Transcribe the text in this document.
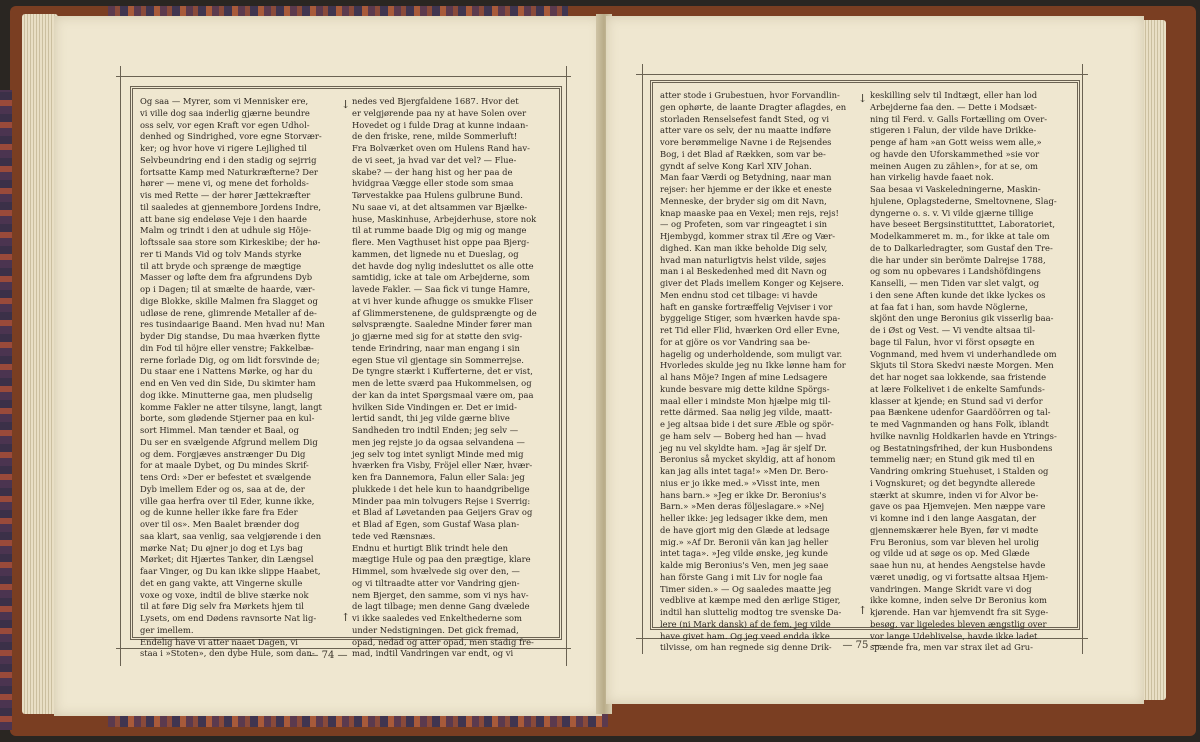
Og saa — Myrer, som vi Mennisker ere,
vi ville dog saa inderlig gjærne beundre
oss selv, vor egen Kraft vor egen Udhol-
denhed og Sindrighed, vore egne Storvær-
ker; og hvor hove vi rigere Lejlighed til
Selvbeundring end i den stadig og sejrrig
fortsatte Kamp med Naturkræfterne? Der
hører — mene vi, og mene det forholds-
vis med Rette — der hører Jættekræfter
til saaledes at gjennembore Jordens Indre,
att bane sig endeløse Veje i den haarde
Malm og trindt i den at udhule sig Höje-
loftssale saa store som Kirkeskibe; der hø-
rer ti Mands Vid og tolv Mands styrke
til att bryde och sprænge de mægtige
Masser og løfte dem fra afgrundens Dyb
op i Dagen; til at smælte de haarde, vær-
dige Blokke, skille Malmen fra Slagget og
udløse de rene, glimrende Metaller af de-
res tusindaarige Baand. Men hvad nu! Man
byder Dig standse, Du maa hværken flytte
din Fod til höjre eller venstre; Fakkelbæ-
rerne forlade Dig, og om lidt forsvinde de;
Du staar ene i Nattens Mørke, og har du
end en Ven ved din Side, Du skimter ham
dog ikke. Minutterne gaa, men pludselig
komme Fakler ne atter tilsyne, langt, langt
borte, som glødende Stjerner paa en kul-
sort Himmel. Man tænder et Baal, og
Du ser en svælgende Afgrund mellem Dig
og dem. Forgjæves anstrænger Du Dig
for at maale Dybet, og Du mindes Skrif-
tens Ord: »Der er befestet et svælgende
Dyb imellem Eder og os, saa at de, der
ville gaa herfra over til Eder, kunne ikke,
og de kunne heller ikke fare fra Eder
over til os». Men Baalet brænder dog
saa klart, saa venlig, saa velgjørende i den
mørke Nat; Du øjner jo dog et Lys bag
Mørket; dit Hjærtes Tanker, din Længsel
faar Vinger, og Du kan ikke slippe Haabet,
det en gang vakte, att Vingerne skulle
voxe og voxe, indtil de blive stærke nok
til at føre Dig selv fra Mørkets hjem til
Lysets, om end Dødens ravnsorte Nat lig-
ger imellem.
Endelig have vi atter naaet Dagen, vi
staa i »Stoten», den dybe Hule, som dan-
↓
↑
nedes ved Bjergfaldene 1687. Hvor det
er velgjørende paa ny at have Solen over
Hovedet og i fulde Drag at kunne indaan-
de den friske, rene, milde Sommerluft!
Fra Bolværket oven om Hulens Rand hav-
de vi seet, ja hvad var det vel? — Flue-
skabe? — der hang hist og her paa de
hvidgraa Vægge eller stode som smaa
Tørvestakke paa Hulens gulbrune Bund.
Nu saae vi, at det altsammen var Bjælke-
huse, Maskinhuse, Arbejderhuse, store nok
til at rumme baade Dig og mig og mange
flere. Men Vagthuset hist oppe paa Bjerg-
kammen, det lignede nu et Dueslag, og
det havde dog nylig indesluttet os alle otte
samtidig, icke at tale om Arbejderne, som
lavede Fakler. — Saa fick vi tunge Hamre,
at vi hver kunde afhugge os smukke Fliser
af Glimmerstenene, de guldsprængte og de
sølvsprængte. Saaledne Minder fører man
jo gjærne med sig for at støtte den svig-
tende Erindring, naar man engang i sin
egen Stue vil gjentage sin Sommerrejse.
De tyngre stærkt i Kufferterne, det er vist,
men de lette sværd paa Hukommelsen, og
der kan da intet Spørgsmaal være om, paa
hvilken Side Vindingen er. Det er imid-
lertid sandt, thi jeg vilde gærne blive
Sandheden tro indtil Enden; jeg selv —
men jeg rejste jo da ogsaa selvandena —
jeg selv tog intet synligt Minde med mig
hværken fra Visby, Fröjel eller Nær, hvær-
ken fra Dannemora, Falun eller Sala: jeg
plukkede i det hele kun to haandgribelige
Minder paa min tolvugers Rejse i Sverrig:
et Blad af Løvetanden paa Geijers Grav og
et Blad af Egen, som Gustaf Wasa plan-
tede ved Rænsnæs.
Endnu et hurtigt Blik trindt hele den
mægtige Hule og paa den prægtige, klare
Himmel, som hvælvede sig over den, —
og vi tiltraadte atter vor Vandring gjen-
nem Bjerget, den samme, som vi nys hav-
de lagt tilbage; men denne Gang dvælede
vi ikke saaledes ved Enkelthederne som
under Nedstigningen. Det gick fremad,
opad, nedad og atter opad, men stadig fre-
mad, indtil Vandringen var endt, og vi
— 74 —
atter stode i Grubestuen, hvor Forvandlin-
gen ophørte, de laante Dragter aflagdes, en
storladen Renselsefest fandt Sted, og vi
atter vare os selv, der nu maatte indføre
vore berømmelige Navne i de Rejsendes
Bog, i det Blad af Rækken, som var be-
gyndt af selve Kong Karl XIV Johan.
Man faar Værdi og Betydning, naar man
rejser: her hjemme er der ikke et eneste
Menneske, der bryder sig om dit Navn,
knap maaske paa en Vexel; men rejs, rejs!
— og Profeten, som var ringeagtet i sin
Hjembygd, kommer strax til Ære og Vær-
dighed. Kan man ikke beholde Dig selv,
hvad man naturligtvis helst vilde, søjes
man i al Beskedenhed med dit Navn og
giver det Plads imellem Konger og Kejsere.
Men endnu stod cet tilbage: vi havde
haft en ganske fortræffelig Vejviser i vor
byggelige Stiger, som hværken havde spa-
ret Tid eller Flid, hværken Ord eller Evne,
for at gjöre os vor Vandring saa be-
hagelig og underholdende, som muligt var.
Hvorledes skulde jeg nu Ikke lønne ham for
al hans Möje? Ingen af mine Ledsagere
kunde besvare mig dette kildne Spörgs-
maal eller i mindste Mon hjælpe mig til-
rette därmed. Saa nølig jeg vilde, maatt-
e jeg altsaa bide i det sure Æble og spör-
ge ham selv — Boberg hed han — hvad
jeg nu vel skyldte ham. »Jag är sjelf Dr.
Beronius så mycket skyldig, att af honom
kan jag alls intet taga!» »Men Dr. Bero-
nius er jo ikke med.» »Visst inte, men
hans barn.» »Jeg er ikke Dr. Beronius's
Barn.» »Men deras följeslagare.» »Nej
heller ikke: jeg ledsager ikke dem, men
de have gjort mig den Glæde at ledsage
mig.» »Af Dr. Beronii vän kan jag heller
intet taga». »Jeg vilde ønske, jeg kunde
kalde mig Beronius's Ven, men jeg saae
han förste Gang i mit Liv for nogle faa
Timer siden.» — Og saaledes maatte jeg
vedblive at kæmpe med den ærlige Stiger,
indtil han sluttelig modtog tre svenske Da-
lere (ni Mark dansk) af de fem, jeg vilde
have givet ham. Og jeg veed endda ikke
tilvisse, om han regnede sig denne Drik-
↓
↑
keskilling selv til Indtægt, eller han lod
Arbejderne faa den. — Dette i Modsæt-
ning til Ferd. v. Galls Fortælling om Over-
stigeren i Falun, der vilde have Drikke-
penge af ham »an Gott weiss wem alle,»
og havde den Uforskammethed »sie vor
meinen Augen zu zählen», for at se, om
han virkelig havde faaet nok.
Saa besaa vi Vaskeledningerne, Maskin-
hjulene, Oplagstederne, Smeltovnene, Slag-
dyngerne o. s. v. Vi vilde gjærne tillige
have beseet Bergsinstitutttet, Laboratoriet,
Modelkammeret m. m., for ikke at tale om
de to Dalkarledragter, som Gustaf den Tre-
die har under sin berömte Dalrejse 1788,
og som nu opbevares i Landshöfdingens
Kanselli, — men Tiden var slet valgt, og
i den sene Aften kunde det ikke lyckes os
at faa fat i han, som havde Nöglerne,
skjönt den unge Beronius gik visserlig baa-
de i Øst og Vest. — Vi vendte altsaa til-
bage til Falun, hvor vi först opsøgte en
Vognmand, med hvem vi underhandlede om
Skjuts til Stora Skedvi næste Morgen. Men
det har noget saa lokkende, saa fristende
at lære Folkelivet i de enkelte Samfunds-
klasser at kjende; en Stund sad vi derfor
paa Bænkene udenfor Gaardöörren og tal-
te med Vagnmanden og hans Folk, iblandt
hvilke navnlig Holdkarlen havde en Ytrings-
og Bestatningsfrihed, der kun Husbondens
temmelig nær; en Stund gik med til en
Vandring omkring Stuehuset, i Stalden og
i Vognskuret; og det begyndte allerede
stærkt at skumre, inden vi for Alvor be-
gave os paa Hjemvejen. Men næppe vare
vi komne ind i den lange Aasgatan, der
gjennemskærer hele Byen, før vi mødte
Fru Beronius, som var bleven hel urolig
og vilde ud at søge os op. Med Glæde
saae hun nu, at hendes Aengstelse havde
været unødig, og vi fortsatte altsaa Hjem-
vandringen. Mange Skridt vare vi dog
ikke komne, inden selve Dr Beronius kom
kjørende. Han var hjemvendt fra sit Syge-
besøg, var ligeledes bleven ængstlig over
vor lange Udeblivelse, havde ikke ladet
spænde fra, men var strax ilet ad Gru-
— 75 —
